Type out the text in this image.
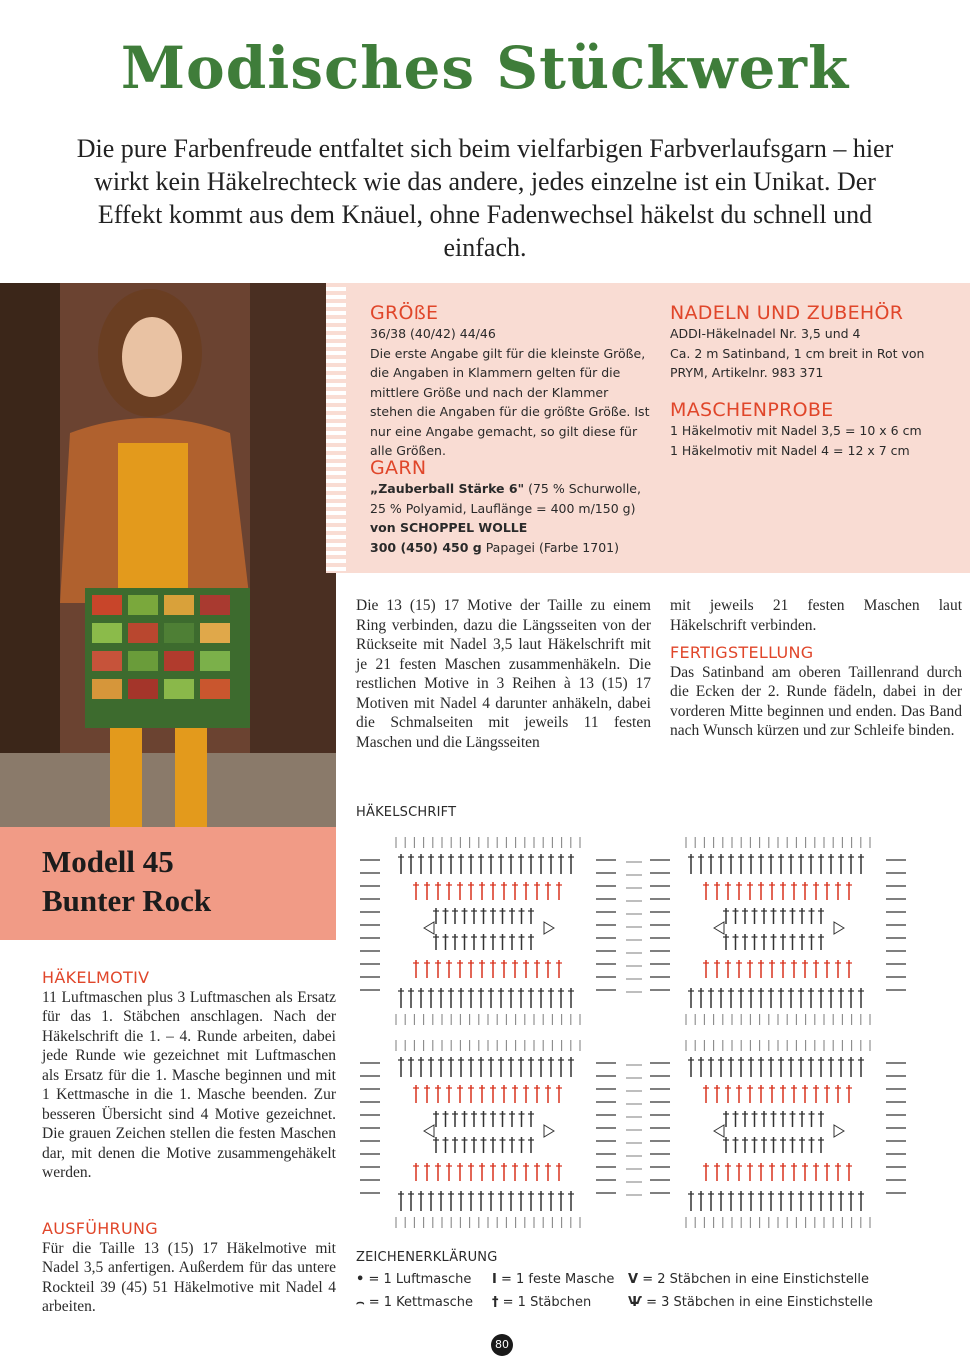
Modisches Stückwerk
Die pure Farbenfreude entfaltet sich beim vielfarbigen Farbverlaufsgarn – hier wirkt kein Häkelrechteck wie das andere, jedes einzelne ist ein Unikat. Der Effekt kommt aus dem Knäuel, ohne Fadenwechsel häkelst du schnell und einfach.
GRÖßE
36/38 (40/42) 44/46
Die erste Angabe gilt für die kleinste Größe, die Angaben in Klammern gelten für die mittlere Größe und nach der Klammer stehen die Angaben für die größte Größe. Ist nur eine Angabe gemacht, so gilt diese für alle Größen.
GARN
„Zauberball Stärke 6" (75 % Schurwolle,
25 % Polyamid, Lauflänge = 400 m/150 g)
von SCHOPPEL WOLLE
300 (450) 450 g Papagei (Farbe 1701)
NADELN UND ZUBEHÖR
ADDI-Häkelnadel Nr. 3,5 und 4
Ca. 2 m Satinband, 1 cm breit in Rot von PRYM, Artikelnr. 983 371
MASCHENPROBE
1 Häkelmotiv mit Nadel 3,5 = 10 x 6 cm
1 Häkelmotiv mit Nadel 4 = 12 x 7 cm
Die 13 (15) 17 Motive der Taille zu einem Ring verbinden, dazu die Längsseiten von der Rückseite mit Nadel 3,5 laut Häkelschrift mit je 21 festen Maschen zusammenhäkeln. Die restlichen Motive in 3 Reihen à 13 (15) 17 Motiven mit Nadel 4 darunter anhäkeln, dabei die Schmalseiten mit jeweils 11 festen Maschen und die Längsseiten
mit jeweils 21 festen Maschen laut Häkelschrift verbinden.
FERTIGSTELLUNG
Das Satinband am oberen Taillenrand durch die Ecken der 2. Runde fädeln, dabei in der vorderen Mitte beginnen und enden. Das Band nach Wunsch kürzen und zur Schleife binden.
Modell 45
Bunter Rock
HÄKELMOTIV
11 Luftmaschen plus 3 Luftmaschen als Ersatz für das 1. Stäbchen anschlagen. Nach der Häkelschrift die 1. – 4. Runde arbeiten, dabei jede Runde wie gezeichnet mit Luftmaschen als Ersatz für die 1. Masche beginnen und mit 1 Kettmasche in die 1. Masche beenden. Zur besseren Übersicht sind 4 Motive gezeichnet. Die grauen Zeichen stellen die festen Maschen dar, mit denen die Motive zusammengehäkelt werden.
AUSFÜHRUNG
Für die Taille 13 (15) 17 Häkelmotive mit Nadel 3,5 anfertigen. Außerdem für das untere Rockteil 39 (45) 51 Häkelmotive mit Nadel 4 arbeiten.
HÄKELSCHRIFT
ZEICHENERKLÄRUNG
• = 1 Luftmasche
⌢ = 1 Kettmasche
I = 1 feste Masche
† = 1 Stäbchen
V = 2 Stäbchen in eine Einstichstelle
Ѱ = 3 Stäbchen in eine Einstichstelle
80
